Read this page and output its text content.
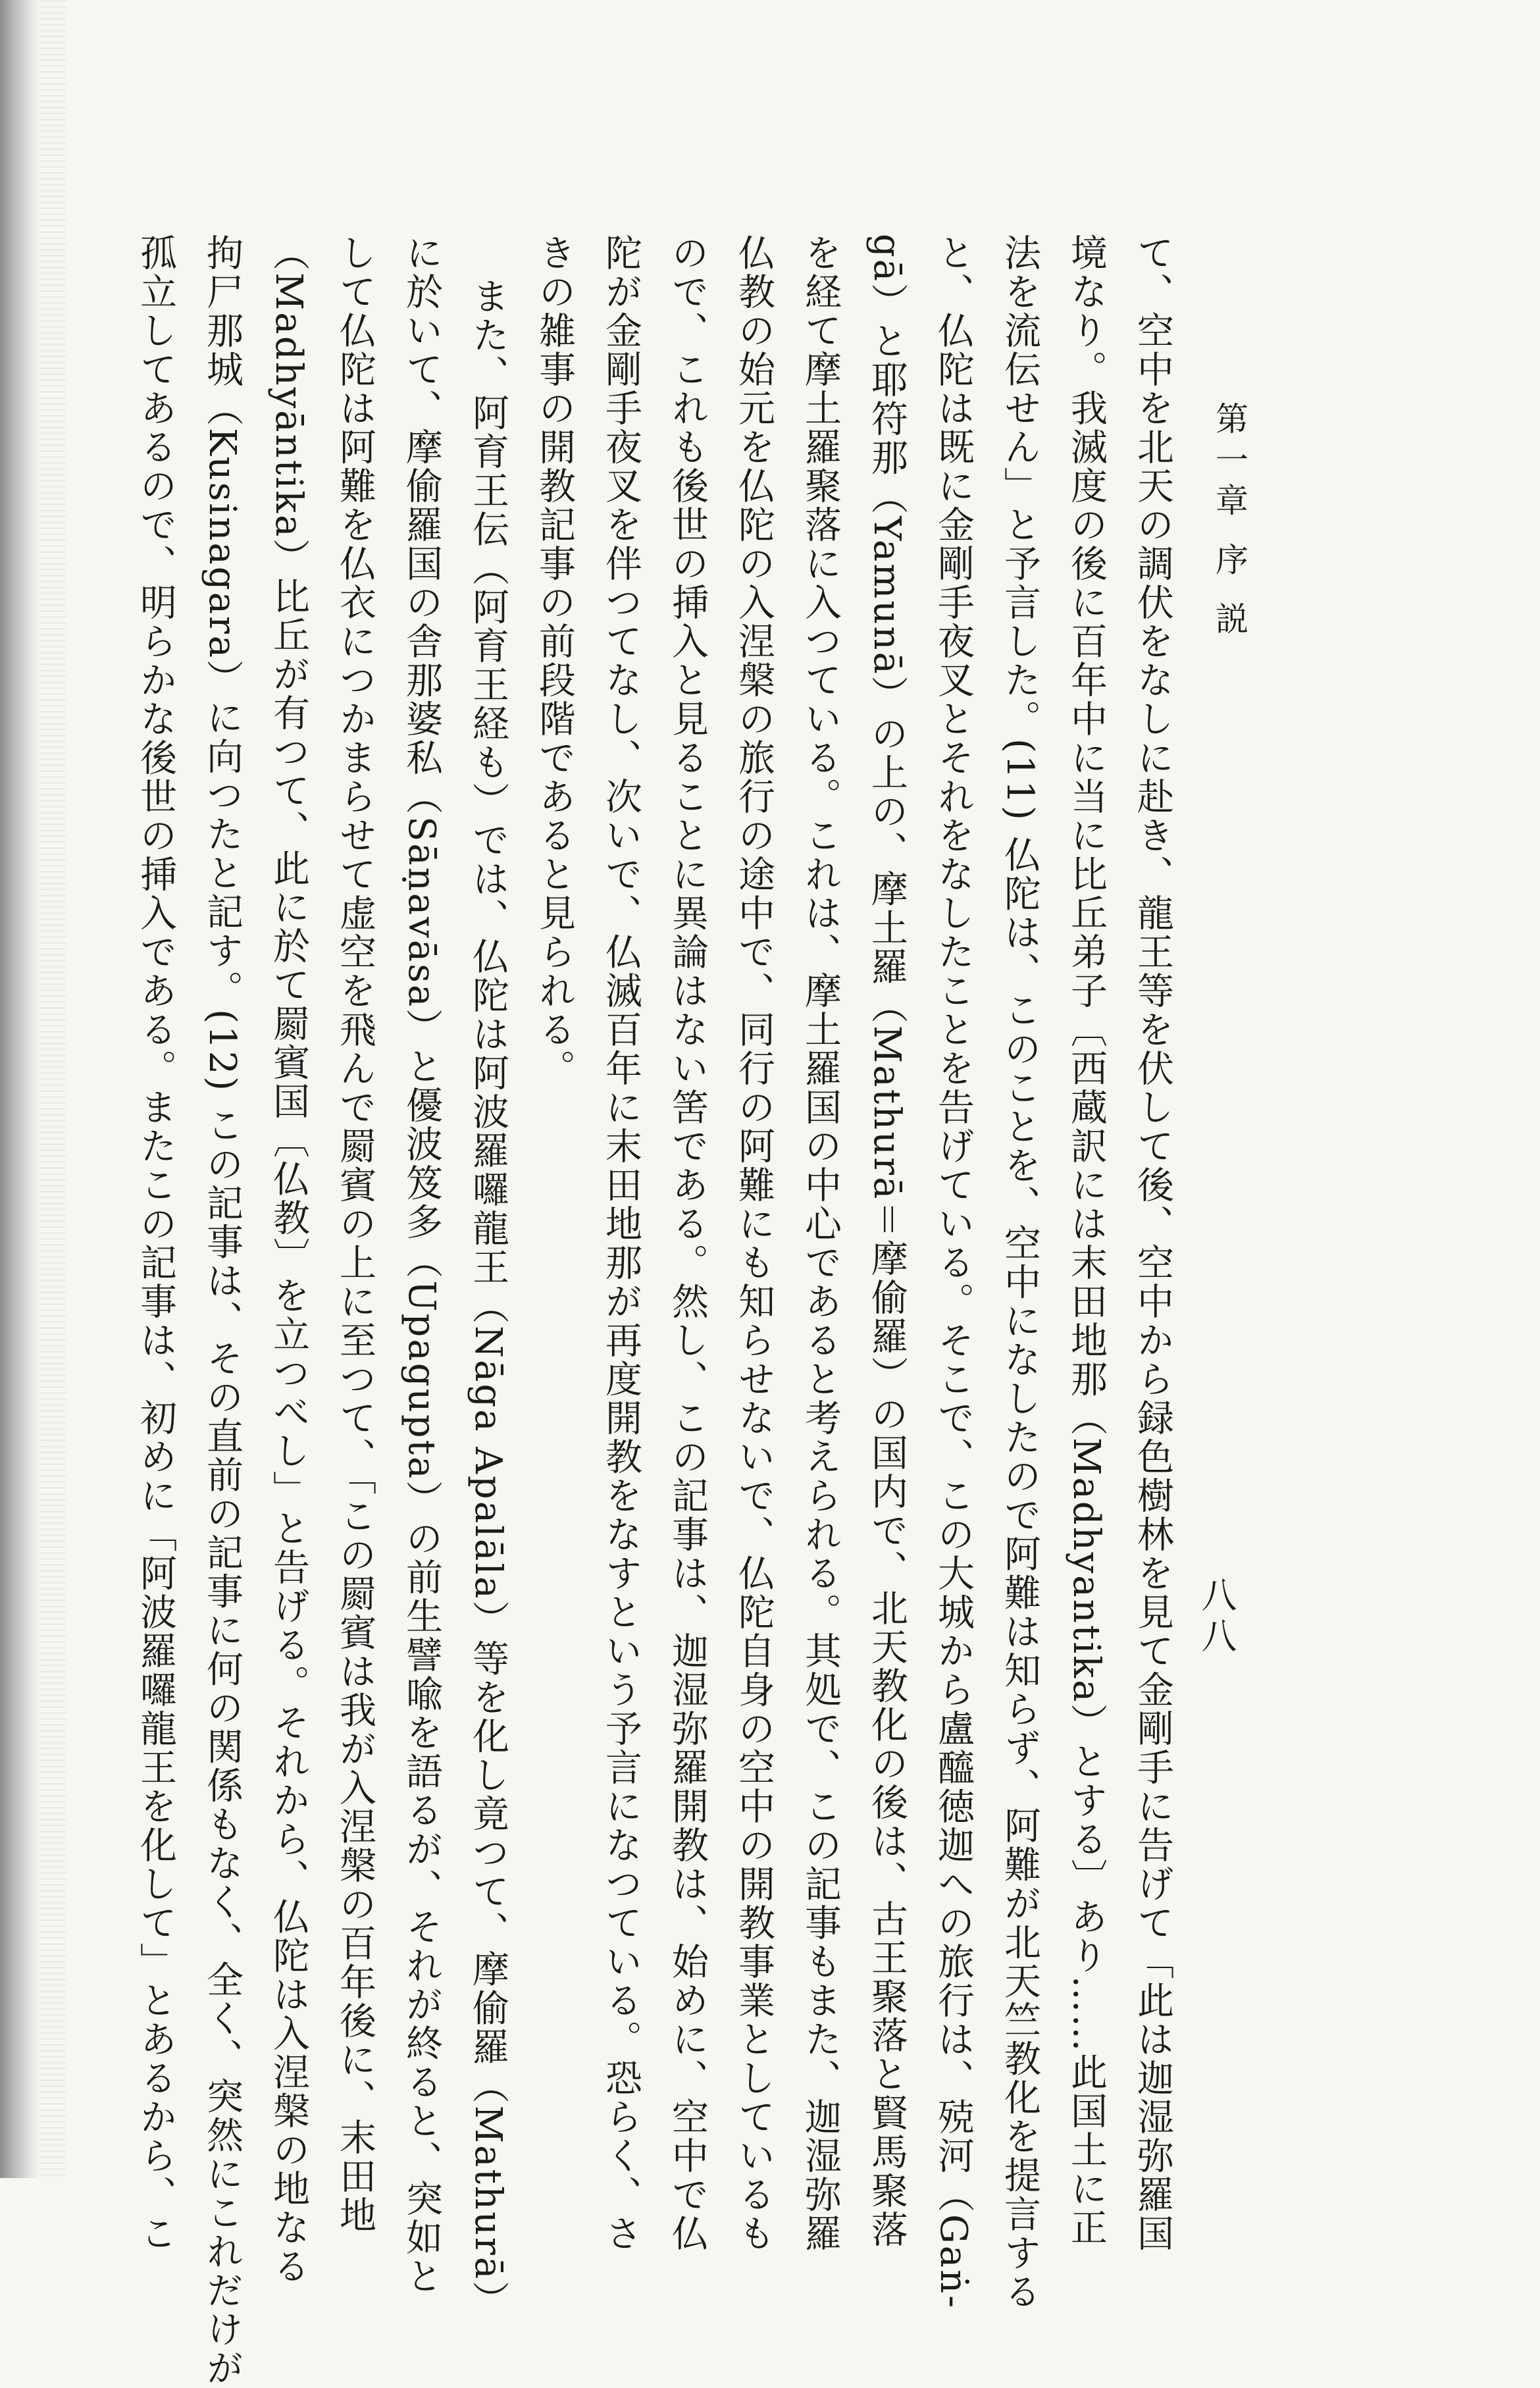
第一章 序 説
八八

て、空中を北天の調伏をなしに赴き、龍王等を伏して後、空中から録色樹林を見て金剛手に告げて「此は迦湿弥羅国

境なり。我滅度の後に百年中に当に比丘弟子〔西蔵訳には末田地那（Madhyantika）とする〕あり……此国土に正

法を流伝せん」と予言した。(11) 仏陀は、このことを、空中になしたので阿難は知らず、阿難が北天竺教化を提言する

と、仏陀は既に金剛手夜叉とそれをなしたことを告げている。そこで、この大城から盧醯徳迦への旅行は、殑河（Gaṅ-

gā）と耶符那（Yamunā）の上の、摩土羅（Mathurā＝摩偷羅）の国内で、北天教化の後は、古王聚落と賢馬聚落

を経て摩土羅聚落に入つている。これは、摩土羅国の中心であると考えられる。其処で、この記事もまた、迦湿弥羅

仏教の始元を仏陀の入涅槃の旅行の途中で、同行の阿難にも知らせないで、仏陀自身の空中の開教事業としているも

ので、これも後世の挿入と見ることに異論はない筈である。然し、この記事は、迦湿弥羅開教は、始めに、空中で仏

陀が金剛手夜叉を伴つてなし、次いで、仏滅百年に末田地那が再度開教をなすという予言になつている。恐らく、さ

きの雑事の開教記事の前段階であると見られる。

また、阿育王伝（阿育王経も）では、仏陀は阿波羅囉龍王（Nāga Apalāla）等を化し竟つて、摩偷羅（Mathurā）

に於いて、摩偷羅国の舎那婆私（Sāṇavāsa）と優波笈多（Upagupta）の前生譬喩を語るが、それが終ると、突如と

して仏陀は阿難を仏衣につかまらせて虚空を飛んで罽賓の上に至つて、「この罽賓は我が入涅槃の百年後に、末田地

（Madhyāntika）比丘が有つて、此に於て罽賓国〔仏教〕を立つべし」と告げる。それから、仏陀は入涅槃の地なる

拘尸那城（Kusinagara）に向つたと記す。(12) この記事は、その直前の記事に何の関係もなく、全く、突然にこれだけが

孤立してあるので、明らかな後世の挿入である。またこの記事は、初めに「阿波羅囉龍王を化して」とあるから、こ
